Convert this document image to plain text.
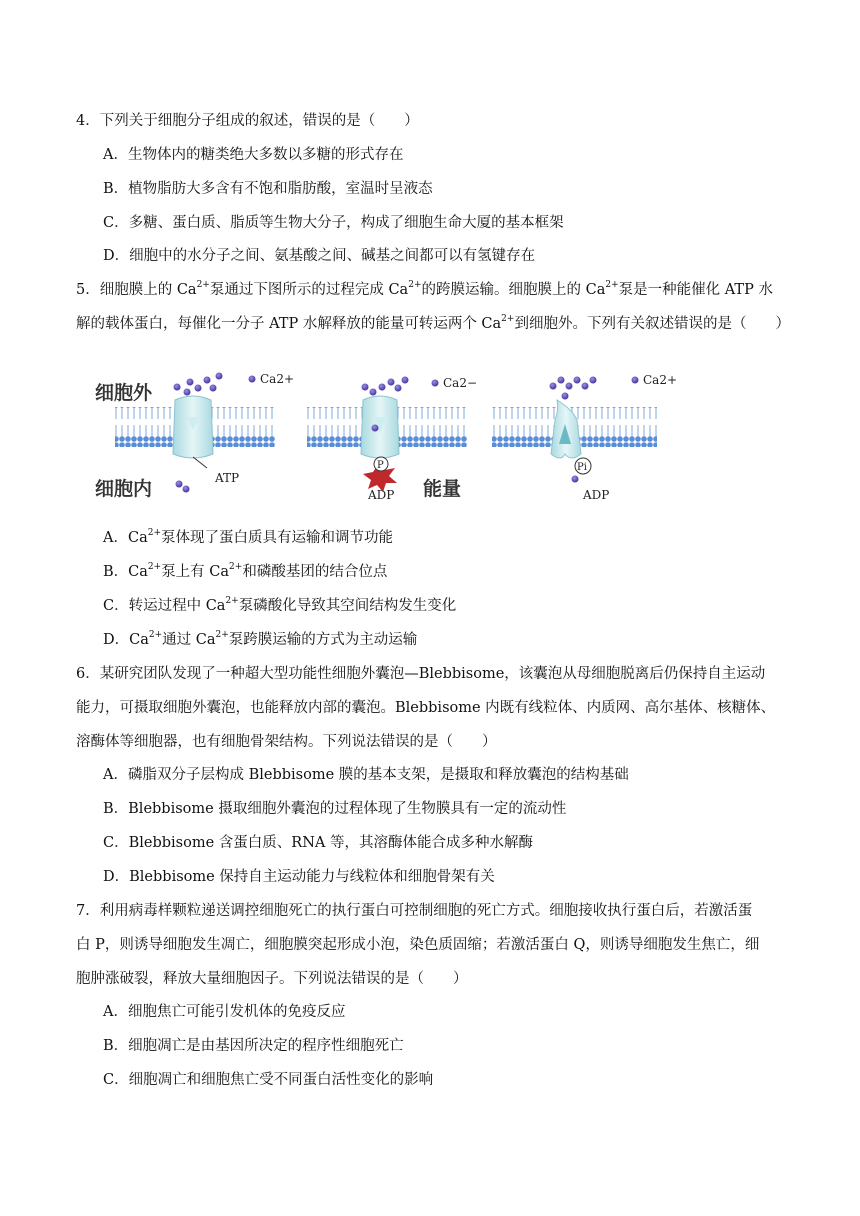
4．下列关于细胞分子组成的叙述，错误的是（　　）
A．生物体内的糖类绝大多数以多糖的形式存在
B．植物脂肪大多含有不饱和脂肪酸，室温时呈液态
C．多糖、蛋白质、脂质等生物大分子，构成了细胞生命大厦的基本框架
D．细胞中的水分子之间、氨基酸之间、碱基之间都可以有氢键存在
5．细胞膜上的 $Ca^{2+}$泵通过下图所示的过程完成 $Ca^{2+}$的跨膜运输。细胞膜上的 $Ca^{2+}$泵是一种能催化 ATP 水
解的载体蛋白，每催化一分子 ATP 水解释放的能量可转运两个 $Ca^{2+}$到细胞外。下列有关叙述错误的是（　　）
细胞外
细胞内
Ca2+
ATP
P
Ca2−
ADP 能量
Pi
Ca2+
ADP
A．$Ca^{2+}$泵体现了蛋白质具有运输和调节功能
B．$Ca^{2+}$泵上有 $Ca^{2+}$和磷酸基团的结合位点
C．转运过程中 $Ca^{2+}$泵磷酸化导致其空间结构发生变化
D．$Ca^{2+}$通过 $Ca^{2+}$泵跨膜运输的方式为主动运输
6．某研究团队发现了一种超大型功能性细胞外囊泡—Blebbisome，该囊泡从母细胞脱离后仍保持自主运动
能力，可摄取细胞外囊泡，也能释放内部的囊泡。Blebbisome 内既有线粒体、内质网、高尔基体、核糖体、
溶酶体等细胞器，也有细胞骨架结构。下列说法错误的是（　　）
A．磷脂双分子层构成 Blebbisome 膜的基本支架，是摄取和释放囊泡的结构基础
B．Blebbisome 摄取细胞外囊泡的过程体现了生物膜具有一定的流动性
C．Blebbisome 含蛋白质、RNA 等，其溶酶体能合成多种水解酶
D．Blebbisome 保持自主运动能力与线粒体和细胞骨架有关
7．利用病毒样颗粒递送调控细胞死亡的执行蛋白可控制细胞的死亡方式。细胞接收执行蛋白后，若激活蛋
白 P，则诱导细胞发生凋亡，细胞膜突起形成小泡，染色质固缩；若激活蛋白 Q，则诱导细胞发生焦亡，细
胞肿涨破裂，释放大量细胞因子。下列说法错误的是（　　）
A．细胞焦亡可能引发机体的免疫反应
B．细胞凋亡是由基因所决定的程序性细胞死亡
C．细胞凋亡和细胞焦亡受不同蛋白活性变化的影响
